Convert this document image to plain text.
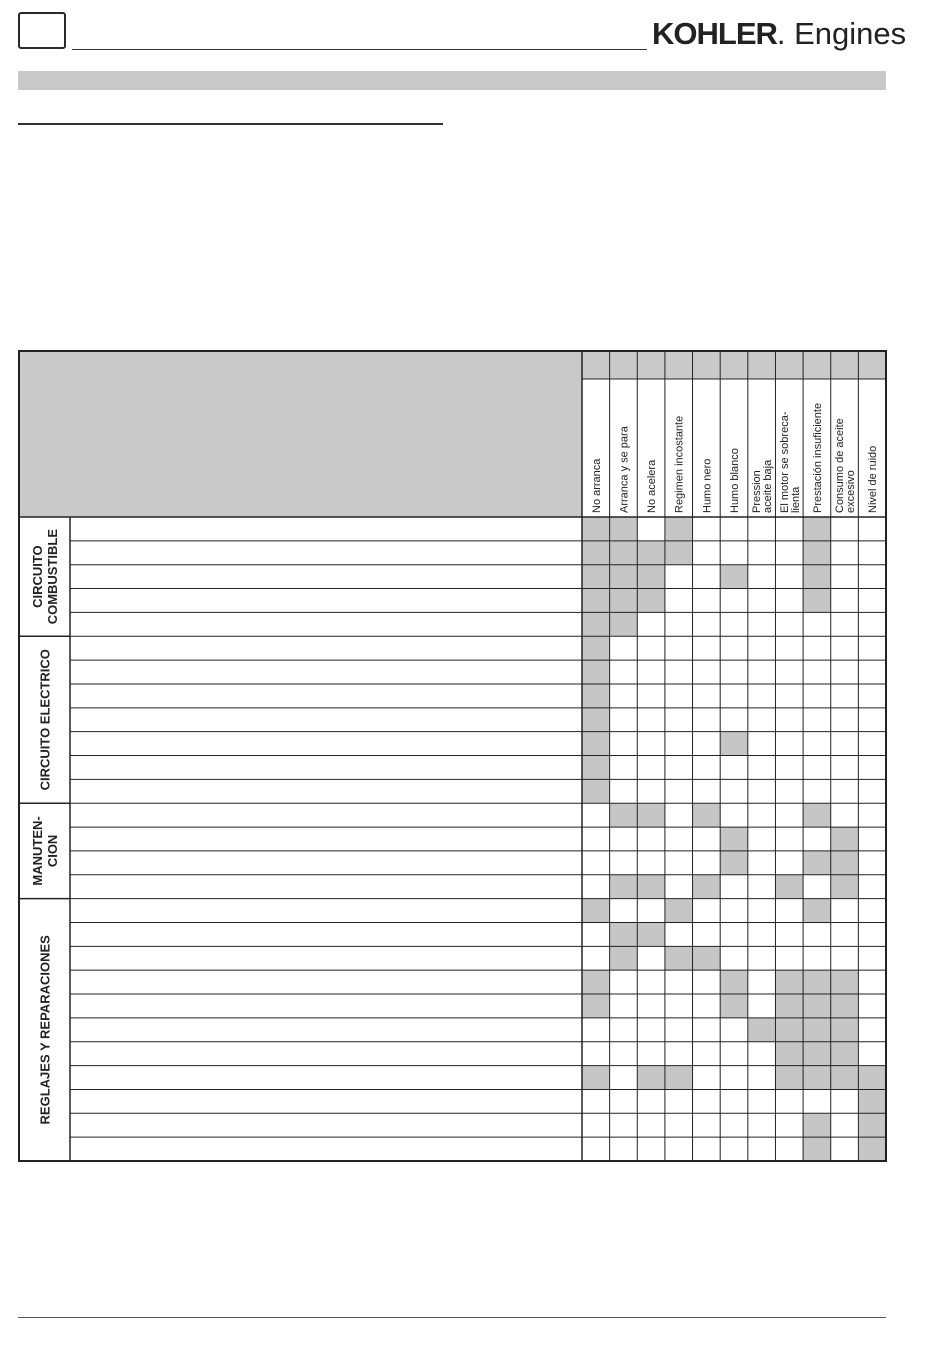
KOHLER. Engines
No arranca Arranca y se para No acelera Regimen incostante Humo nero Humo blanco Pression aceite baja El motor se sobreca- lienta Prestación insuficiente Consumo de aceite excesivo Nivel de ruido
CIRCUITO COMBUSTIBLE
CIRCUITO ELECTRICO
MANUTEN- CION
REGLAJES Y REPARACIONES
